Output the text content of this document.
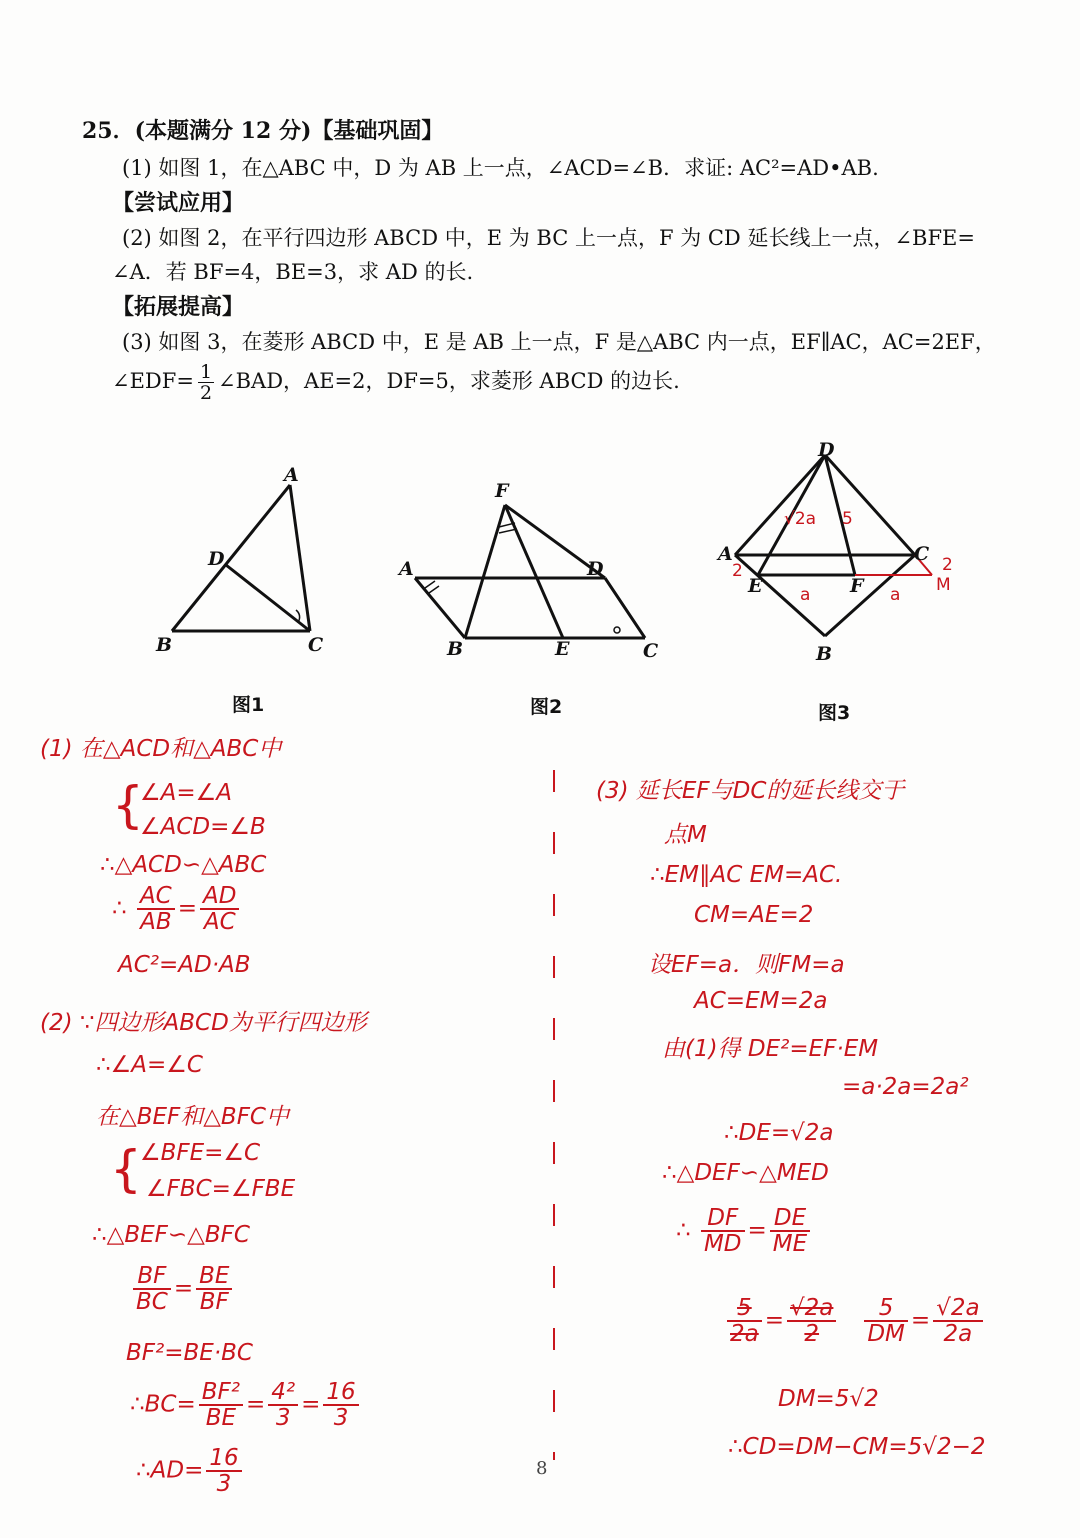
25．(本题满分 12 分)【基础巩固】
(1) 如图 1，在△ABC 中，D 为 AB 上一点，∠ACD=∠B．求证: AC²=AD•AB.
【尝试应用】
(2) 如图 2，在平行四边形 ABCD 中，E 为 BC 上一点，F 为 CD 延长线上一点，∠BFE=
∠A．若 BF=4，BE=3，求 AD 的长.
【拓展提高】
(3) 如图 3，在菱形 ABCD 中，E 是 AB 上一点，F 是△ABC 内一点，EF∥AC，AC=2EF，
∠EDF= $\frac{1}{2}$ ∠BAD，AE=2，DF=5，求菱形 ABCD 的边长.
A
D
B	C
图1
F
A	D
B	E	C
图2
D
A	C
E	F
B
M
a	a
2	2
5
√2a
图3
(1) 在△ACD和△ABC中
{
∠A=∠A
∠ACD=∠B
∴△ACD∽△ABC
∴ $\frac{AC}{AB} = \frac{AD}{AC}$
AC²=AD·AB
(2) ∵四边形ABCD为平行四边形
∴∠A=∠C
在△BEF和△BFC中
{
∠BFE=∠C
∠FBC=∠FBE
∴△BEF∽△BFC
$\frac{BF}{BC} = \frac{BE}{BF}$
BF²=BE·BC
∴BC= $\frac{\text{BF²}}{BE} = \frac{\text{4²}}{3} = \frac{16}{3}$
∴AD= $\frac{16}{3}$
(3) 延长EF与DC的延长线交于
点M
∴EM∥AC EM=AC.
CM=AE=2
设EF=a．则FM=a
AC=EM=2a
由(1)得 DE²=EF·EM
=a·2a=2a²
∴DE=√2a
∴△DEF∽△MED
∴ $\frac{DF}{MD} = \frac{DE}{ME}$
$\frac{5}{2a} = \frac{√2a}{2}$
$\frac{5}{DM} = \frac{√2a}{2a}$
DM=5√2
∴CD=DM−CM=5√2−2
8
